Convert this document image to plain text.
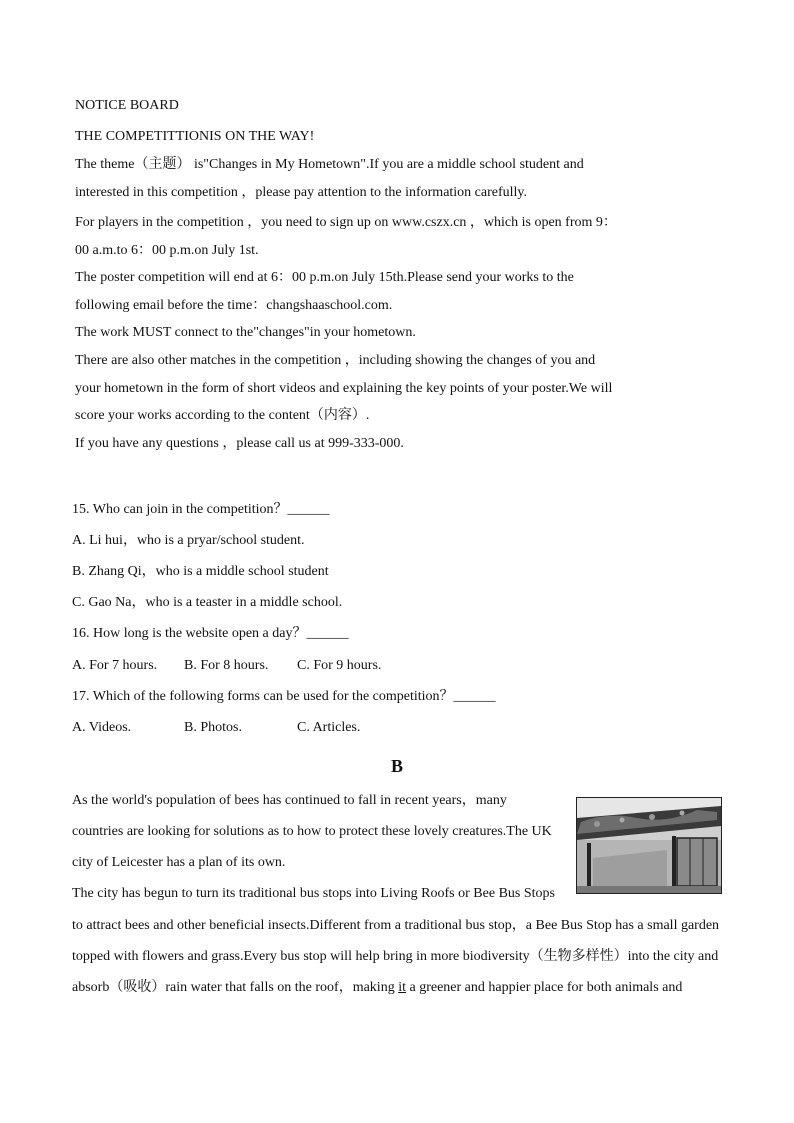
NOTICE BOARD
THE COMPETITTIONIS ON THE WAY!
The theme（主题） is"Changes in My Hometown".If you are a middle school student and
interested in this competition ，please pay attention to the information carefully.
For players in the competition ，you need to sign up on www.cszx.cn ，which is open from 9：
00 a.m.to 6：00 p.m.on July 1st.
The poster competition will end at 6：00 p.m.on July 15th.Please send your works to the
following email before the time：changshaaschool.com.
The work MUST connect to the"changes"in your hometown.
There are also other matches in the competition ，including showing the changes of you and
your hometown in the form of short videos and explaining the key points of your poster.We will
score your works according to the content（内容）.
If you have any questions ，please call us at 999-333-000.
15. Who can join in the competition？______
A. Li hui，who is a pryar/school student.
B. Zhang Qi，who is a middle school student
C. Gao Na，who is a teaster in a middle school.
16. How long is the website open a day？______
A. For 7 hours. B. For 8 hours. C. For 9 hours.
17. Which of the following forms can be used for the competition？______
A. Videos.	B. Photos.	C. Articles.
B
As the world's population of bees has continued to fall in recent years，many
countries are looking for solutions as to how to protect these lovely creatures.The UK
city of Leicester has a plan of its own.
The city has begun to turn its traditional bus stops into Living Roofs or Bee Bus Stops
to attract bees and other beneficial insects.Different from a traditional bus stop，a Bee Bus Stop has a small garden
topped with flowers and grass.Every bus stop will help bring in more biodiversity（生物多样性）into the city and
absorb（吸收）rain water that falls on the roof，making it a greener and happier place for both animals and
